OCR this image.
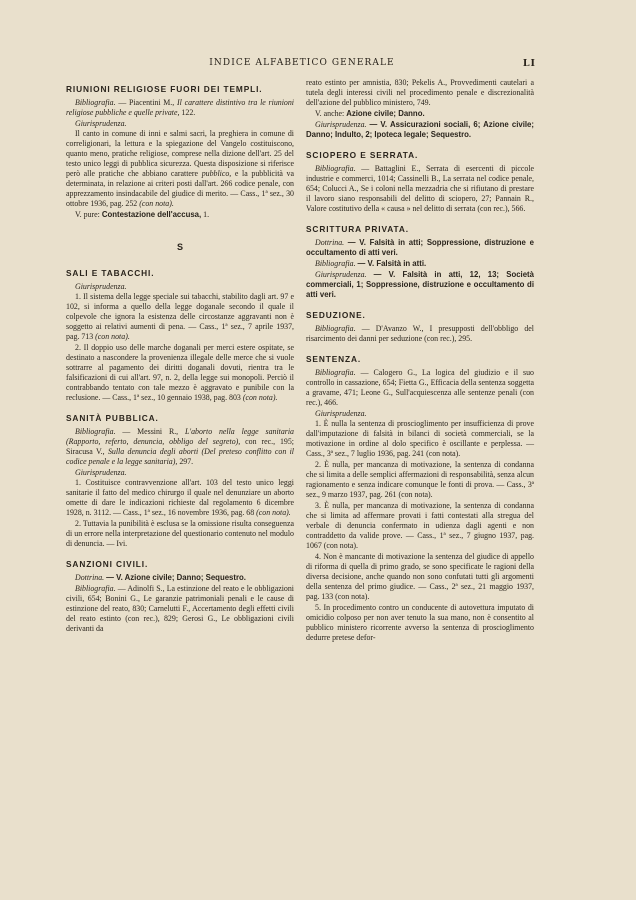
INDICE ALFABETICO GENERALE	LI
RIUNIONI RELIGIOSE FUORI DEI TEMPLI.

Bibliografia. — Piacentini M., Il carattere distintivo tra le riunioni religiose pubbliche e quelle private, 122.

Giurisprudenza.

Il canto in comune di inni e salmi sacri, la preghiera in comune di correligionari, la lettura e la spiegazione del Vangelo costituiscono, quanto meno, pratiche religiose, comprese nella dizione dell'art. 25 del testo unico leggi di pubblica sicurezza. Questa disposizione si riferisce però alle pratiche che abbiano carattere pubblico, e la pubblicità va determinata, in relazione ai criteri posti dall'art. 266 codice penale, con apprezzamento insindacabile del giudice di merito. — Cass., 1ª sez., 30 ottobre 1936, pag. 252 (con nota).

V. pure: Contestazione dell'accusa, 1.

S
SALI E TABACCHI.

Giurisprudenza.

1. Il sistema della legge speciale sui tabacchi, stabilito dagli art. 97 e 102, si informa a quello della legge doganale secondo il quale il colpevole che ignora la esistenza delle circostanze aggravanti non è soggetto ai relativi aumenti di pena. — Cass., 1ª sez., 7 aprile 1937, pag. 713 (con nota).

2. Il doppio uso delle marche doganali per merci estere ospitate, se destinato a nascondere la provenienza illegale delle merce che si vuole sottrarre al pagamento dei diritti doganali dovuti, rientra tra le falsificazioni di cui all'art. 97, n. 2, della legge sui monopoli. Perciò il contrabbando tentato con tale mezzo è aggravato e punibile con la reclusione. — Cass., 1ª sez., 10 gennaio 1938, pag. 803 (con nota).

SANITÀ PUBBLICA.

Bibliografia. — Messini R., L'aborto nella legge sanitaria (Rapporto, referto, denuncia, obbligo del segreto), con rec., 195; Siracusa V., Sulla denuncia degli aborti (Del preteso conflitto con il codice penale e la legge sanitaria), 297.

Giurisprudenza.

1. Costituisce contravvenzione all'art. 103 del testo unico leggi sanitarie il fatto del medico chirurgo il quale nel denunziare un aborto omette di dare le indicazioni richieste dal regolamento 6 dicembre 1928, n. 3112. — Cass., 1ª sez., 16 novembre 1936, pag. 68 (con nota).

2. Tuttavia la punibilità è esclusa se la omissione risulta conseguenza di un errore nella interpretazione del questionario contenuto nel modulo di denuncia. — Ivi.

SANZIONI CIVILI.

Dottrina. — V. Azione civile; Danno; Sequestro.

Bibliografia. — Adinolfi S., La estinzione del reato e le obbligazioni civili, 654; Bonini G., Le garanzie patrimoniali penali e le cause di estinzione del reato, 830; Carnelutti F., Accertamento degli effetti civili del reato estinto (con rec.), 829; Gerosi G., Le obbligazioni civili derivanti da

reato estinto per amnistia, 830; Pekelis A., Provvedimenti cautelari a tutela degli interessi civili nel procedimento penale e discrezionalità dell'azione del pubblico ministero, 749.

V. anche: Azione civile; Danno.

Giurisprudenza. — V. Assicurazioni sociali, 6; Azione civile; Danno; Indulto, 2; Ipoteca legale; Sequestro.

SCIOPERO E SERRATA.

Bibliografia. — Battaglini E., Serrata di esercenti di piccole industrie e commerci, 1014; Cassinelli B., La serrata nel codice penale, 654; Colucci A., Se i coloni nella mezzadria che si rifiutano di prestare il lavoro siano responsabili del delitto di sciopero, 27; Pannain R., Valore costitutivo della « causa » nel delitto di serrata (con rec.), 566.

SCRITTURA PRIVATA.

Dottrina. — V. Falsità in atti; Soppressione, distruzione e occultamento di atti veri.

Bibliografia. — V. Falsità in atti.

Giurisprudenza. — V. Falsità in atti, 12, 13; Società commerciali, 1; Soppressione, distruzione e occultamento di atti veri.

SEDUZIONE.

Bibliografia. — D'Avanzo W., I presupposti dell'obbligo del risarcimento dei danni per seduzione (con rec.), 295.

SENTENZA.

Bibliografia. — Calogero G., La logica del giudizio e il suo controllo in cassazione, 654; Fietta G., Efficacia della sentenza soggetta a gravame, 471; Leone G., Sull'acquiescenza alle sentenze penali (con rec.), 466.

Giurisprudenza.

1. È nulla la sentenza di proscioglimento per insufficienza di prove dall'imputazione di falsità in bilanci di società commerciali, se la motivazione in ordine al dolo specifico è oscillante e perplessa. — Cass., 3ª sez., 7 luglio 1936, pag. 241 (con nota).

2. È nulla, per mancanza di motivazione, la sentenza di condanna che si limita a delle semplici affermazioni di responsabilità, senza alcun ragionamento e senza indicare comunque le fonti di prova. — Cass., 3ª sez., 9 marzo 1937, pag. 261 (con nota).

3. È nulla, per mancanza di motivazione, la sentenza di condanna che si limita ad affermare provati i fatti contestati alla stregua del verbale di denuncia confermato in udienza dagli agenti e non contraddetto da valide prove. — Cass., 1ª sez., 7 giugno 1937, pag. 1067 (con nota).

4. Non è mancante di motivazione la sentenza del giudice di appello di riforma di quella di primo grado, se sono specificate le ragioni della diversa decisione, anche quando non sono confutati tutti gli argomenti della sentenza del primo giudice. — Cass., 2ª sez., 21 maggio 1937, pag. 133 (con nota).

5. In procedimento contro un conducente di autovettura imputato di omicidio colposo per non aver tenuto la sua mano, non è consentito al pubblico ministero ricorrente avverso la sentenza di proscioglimento dedurre pretese defor-
